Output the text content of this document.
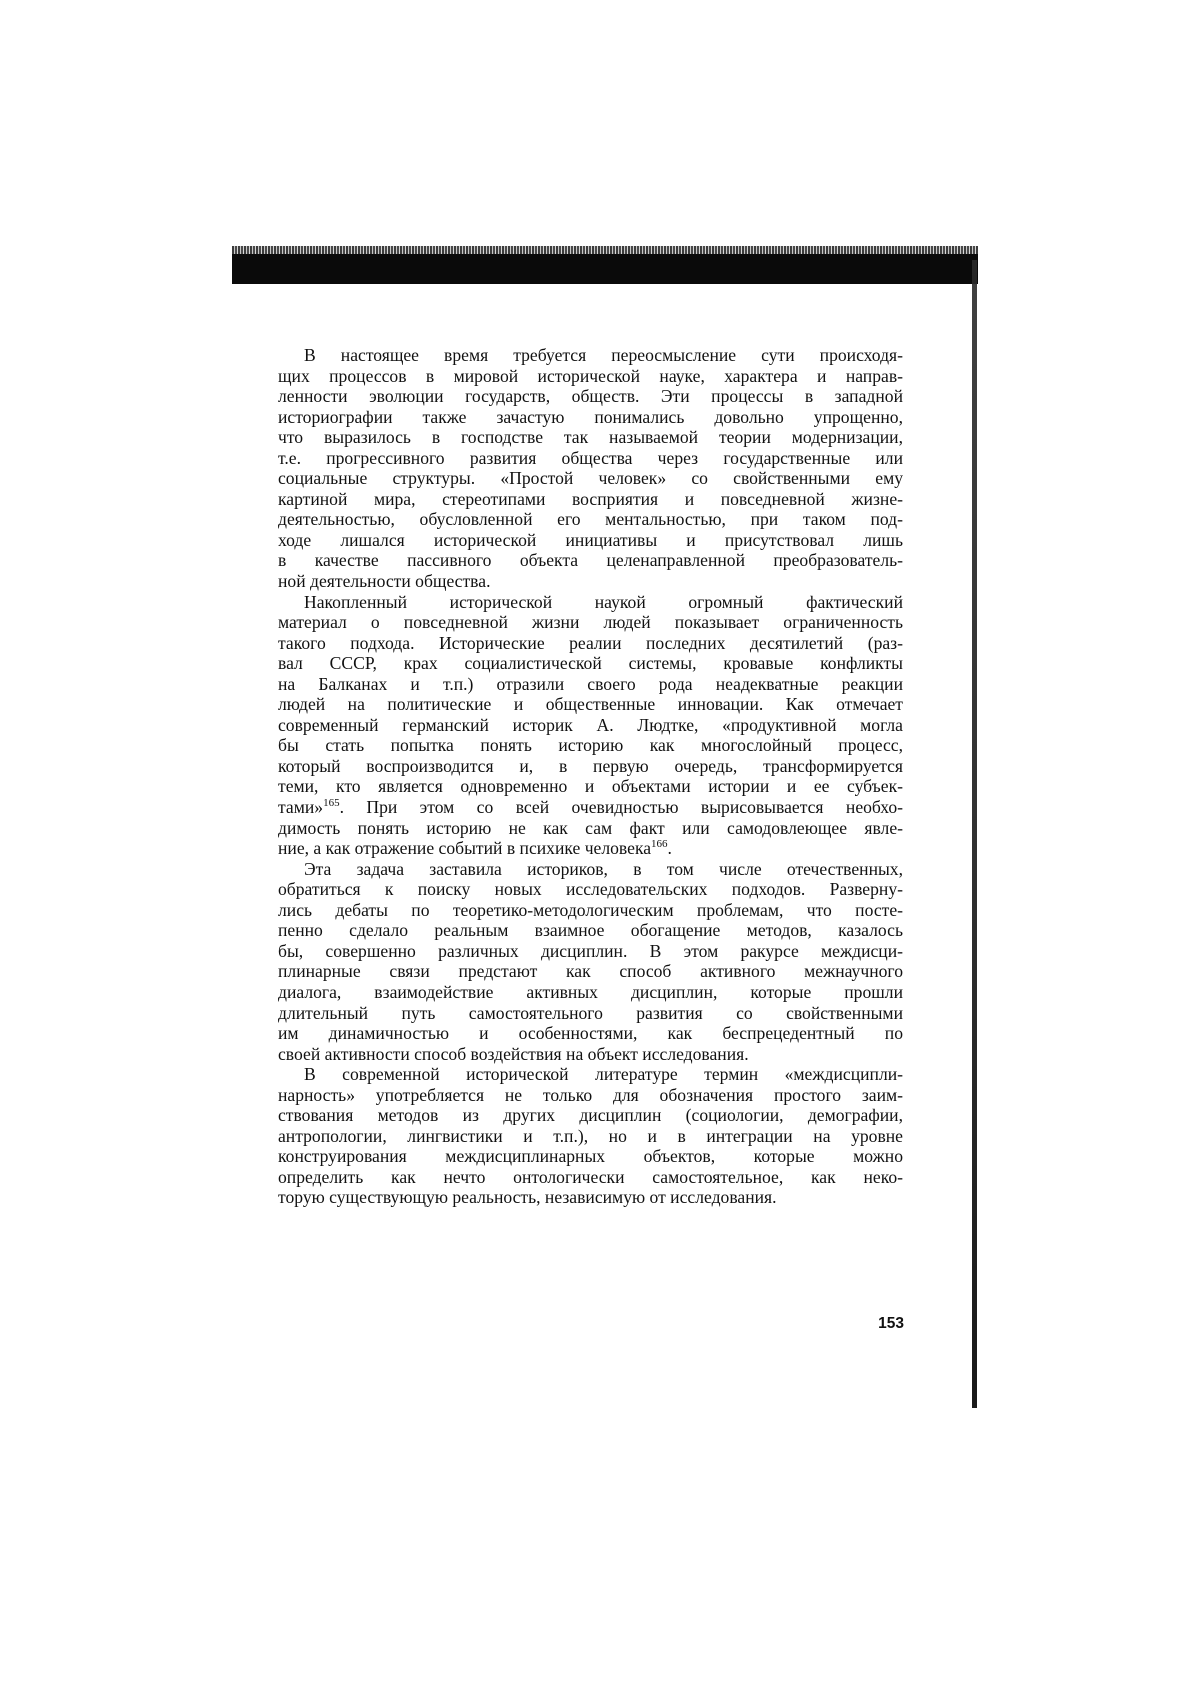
В настоящее время требуется переосмысление сути происходя-
щих процессов в мировой исторической науке, характера и направ-
ленности эволюции государств, обществ. Эти процессы в западной
историографии также зачастую понимались довольно упрощенно,
что выразилось в господстве так называемой теории модернизации,
т.е. прогрессивного развития общества через государственные или
социальные структуры. «Простой человек» со свойственными ему
картиной мира, стереотипами восприятия и повседневной жизне-
деятельностью, обусловленной его ментальностью, при таком под-
ходе лишался исторической инициативы и присутствовал лишь
в качестве пассивного объекта целенаправленной преобразователь-
ной деятельности общества.

Накопленный исторической наукой огромный фактический
материал о повседневной жизни людей показывает ограниченность
такого подхода. Исторические реалии последних десятилетий (раз-
вал СССР, крах социалистической системы, кровавые конфликты
на Балканах и т.п.) отразили своего рода неадекватные реакции
людей на политические и общественные инновации. Как отмечает
современный германский историк А. Людтке, «продуктивной могла
бы стать попытка понять историю как многослойный процесс,
который воспроизводится и, в первую очередь, трансформируется
теми, кто является одновременно и объектами истории и ее субъек-
тами»$^{165}$. При этом со всей очевидностью вырисовывается необхо-
димость понять историю не как сам факт или самодовлеющее явле-
ние, а как отражение событий в психике человека$^{166}$.

Эта задача заставила историков, в том числе отечественных,
обратиться к поиску новых исследовательских подходов. Разверну-
лись дебаты по теоретико-методологическим проблемам, что посте-
пенно сделало реальным взаимное обогащение методов, казалось
бы, совершенно различных дисциплин. В этом ракурсе междисци-
плинарные связи предстают как способ активного межнаучного
диалога, взаимодействие активных дисциплин, которые прошли
длительный путь самостоятельного развития со свойственными
им динамичностью и особенностями, как беспрецедентный по
своей активности способ воздействия на объект исследования.

В современной исторической литературе термин «междисципли-
нарность» употребляется не только для обозначения простого заим-
ствования методов из других дисциплин (социологии, демографии,
антропологии, лингвистики и т.п.), но и в интеграции на уровне
конструирования междисциплинарных объектов, которые можно
определить как нечто онтологически самостоятельное, как неко-
торую существующую реальность, независимую от исследования.

153
